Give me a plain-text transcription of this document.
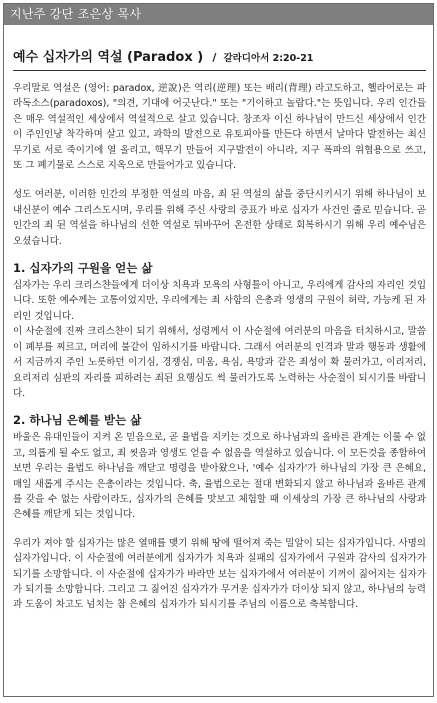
지난주 강단 조은상 목사
예수 십자가의 역설 (Paradox ) / 갈라디아서 2:20-21

우리말로 역설은 (영어: paradox, 逆說)은 역리(逆理) 또는 배리(背理) 라고도하고, 헬라어로는 파라독소스(paradoxos), "의견, 기대에 어긋난다." 또는 "기이하고 놀랍다."는 뜻입니다. 우리 인간들은 매우 역설적인 세상에서 역설적으로 살고 있습니다. 창조자 이신 하나님이 만드신 세상에서 인간이 주인인냥 착각하며 살고 있고, 과학의 발전으로 유토피아를 만든다 하면서 날마다 발전하는 최신 무기로 서로 죽이기에 열 올리고, 핵무기 만들어 지구발전이 아니라, 지구 폭파의 위협용으로 쓰고, 또 그 폐기물로 스스로 지옥으로 만들어가고 있습니다.

성도 여러분, 이러한 인간의 부정한 역설의 마음, 죄 된 역설의 삶을 중단시키시기 위해 하나님이 보내신분이 예수 그리스도시며, 우리를 위해 주신 사랑의 증표가 바로 십자가 사건인 줄로 믿습니다. 곧 인간의 죄 된 역설을 하나님의 선한 역설로 뒤바꾸어 온전한 상태로 회복하시기 위해 우리 예수님은 오셨습니다.

1. 십자가의 구원을 얻는 삶

십자가는 우리 크리스챤들에게 더이상 치욕과 모욕의 사형틀이 아니고, 우리에게 감사의 자리인 것입니다. 또한 예수께는 고통이었지만, 우리에게는 죄 사함의 은총과 영생의 구원이 허락, 가능케 된 자리인 것입니다.

이 사순절에 진짜 크리스챤이 되기 위해서, 성령께서 이 사순절에 여러분의 마음을 터치하시고, 말씀이 폐부를 찌르고, 머리에 불같이 임하시기를 바랍니다. 그래서 여러분의 인격과 말과 행동과 생활에서 지금까지 주인 노릇하던 이기심, 경쟁심, 미움, 욕심, 욕망과 같은 죄성이 확 물러가고, 이리저리, 요리저리 심판의 자리를 피하려는 죄된 요행심도 썩 물러가도록 노력하는 사순절이 되시기를 바랍니다.

2. 하나님 은혜를 받는 삶

바울은 유대인들이 지켜 온 믿음으로, 곧 율법을 지키는 것으로 하나님과의 올바른 관계는 이룰 수 없고, 의롭게 될 수도 없고, 죄 씻음과 영생도 얻을 수 없음을 역설하고 있습니다. 이 모든것을 종합하여 보면 우리는 율법도 하나님을 깨닫고 명령을 받아왔으나, '예수 십자가'가 하나님의 가장 큰 은혜요, 매일 새롭게 주시는 은총이라는 것입니다. 축, 율법으로는 절대 변화되지 않고 하나님과 올바른 관계를 갖을 수 없는 사람이라도, 십자가의 은혜를 맛보고 체험할 때 이세상의 가장 큰 하나님의 사랑과 은혜를 깨닫게 되는 것입니다.

우리가 져야 할 십자가는 많은 열매를 맺기 위해 땅에 떨어져 죽는 밀알이 되는 십자가입니다. 사명의 십자가입니다. 이 사순절에 여러분에게 십자가가 치욕과 실패의 십자가에서 구원과 감사의 십자가가 되기를 소망합니다. 이 사순절에 십자가가 바라만 보는 십자가에서 여러분이 기꺼이 짊어지는 십자가가 되기를 소망합니다. 그리고 그 짊어진 십자가가 무거운 십자가가 더이상 되지 않고, 하나님의 능력과 도움이 차고도 넘치는 참 은혜의 십자가가 되시기를 주님의 이름으로 축복합니다.
